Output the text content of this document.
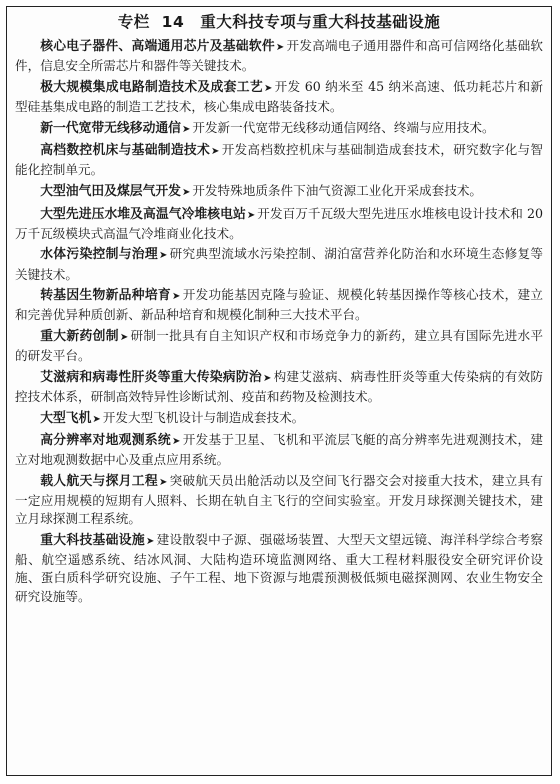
专栏 14　重大科技专项与重大科技基础设施

核心电子器件、高端通用芯片及基础软件➤ 开发高端电子通用器件和高可信网络化基础软件，信息安全所需芯片和器件等关键技术。

极大规模集成电路制造技术及成套工艺➤ 开发 60 纳米至 45 纳米高速、低功耗芯片和新型硅基集成电路的制造工艺技术，核心集成电路装备技术。

新一代宽带无线移动通信➤ 开发新一代宽带无线移动通信网络、终端与应用技术。

高档数控机床与基础制造技术➤ 开发高档数控机床与基础制造成套技术，研究数字化与智能化控制单元。

大型油气田及煤层气开发➤ 开发特殊地质条件下油气资源工业化开采成套技术。

大型先进压水堆及高温气冷堆核电站➤ 开发百万千瓦级大型先进压水堆核电设计技术和 20 万千瓦级模块式高温气冷堆商业化技术。

水体污染控制与治理➤ 研究典型流域水污染控制、湖泊富营养化防治和水环境生态修复等关键技术。

转基因生物新品种培育➤ 开发功能基因克隆与验证、规模化转基因操作等核心技术，建立和完善优异种质创新、新品种培育和规模化制种三大技术平台。

重大新药创制➤ 研制一批具有自主知识产权和市场竞争力的新药，建立具有国际先进水平的研发平台。

艾滋病和病毒性肝炎等重大传染病防治➤ 构建艾滋病、病毒性肝炎等重大传染病的有效防控技术体系，研制高效特异性诊断试剂、疫苗和药物及检测技术。

大型飞机➤ 开发大型飞机设计与制造成套技术。

高分辨率对地观测系统➤ 开发基于卫星、飞机和平流层飞艇的高分辨率先进观测技术，建立对地观测数据中心及重点应用系统。

载人航天与探月工程➤ 突破航天员出舱活动以及空间飞行器交会对接重大技术，建立具有一定应用规模的短期有人照料、长期在轨自主飞行的空间实验室。开发月球探测关键技术，建立月球探测工程系统。

重大科技基础设施➤ 建设散裂中子源、强磁场装置、大型天文望远镜、海洋科学综合考察船、航空遥感系统、结冰风洞、大陆构造环境监测网络、重大工程材料服役安全研究评价设施、蛋白质科学研究设施、子午工程、地下资源与地震预测极低频电磁探测网、农业生物安全研究设施等。
